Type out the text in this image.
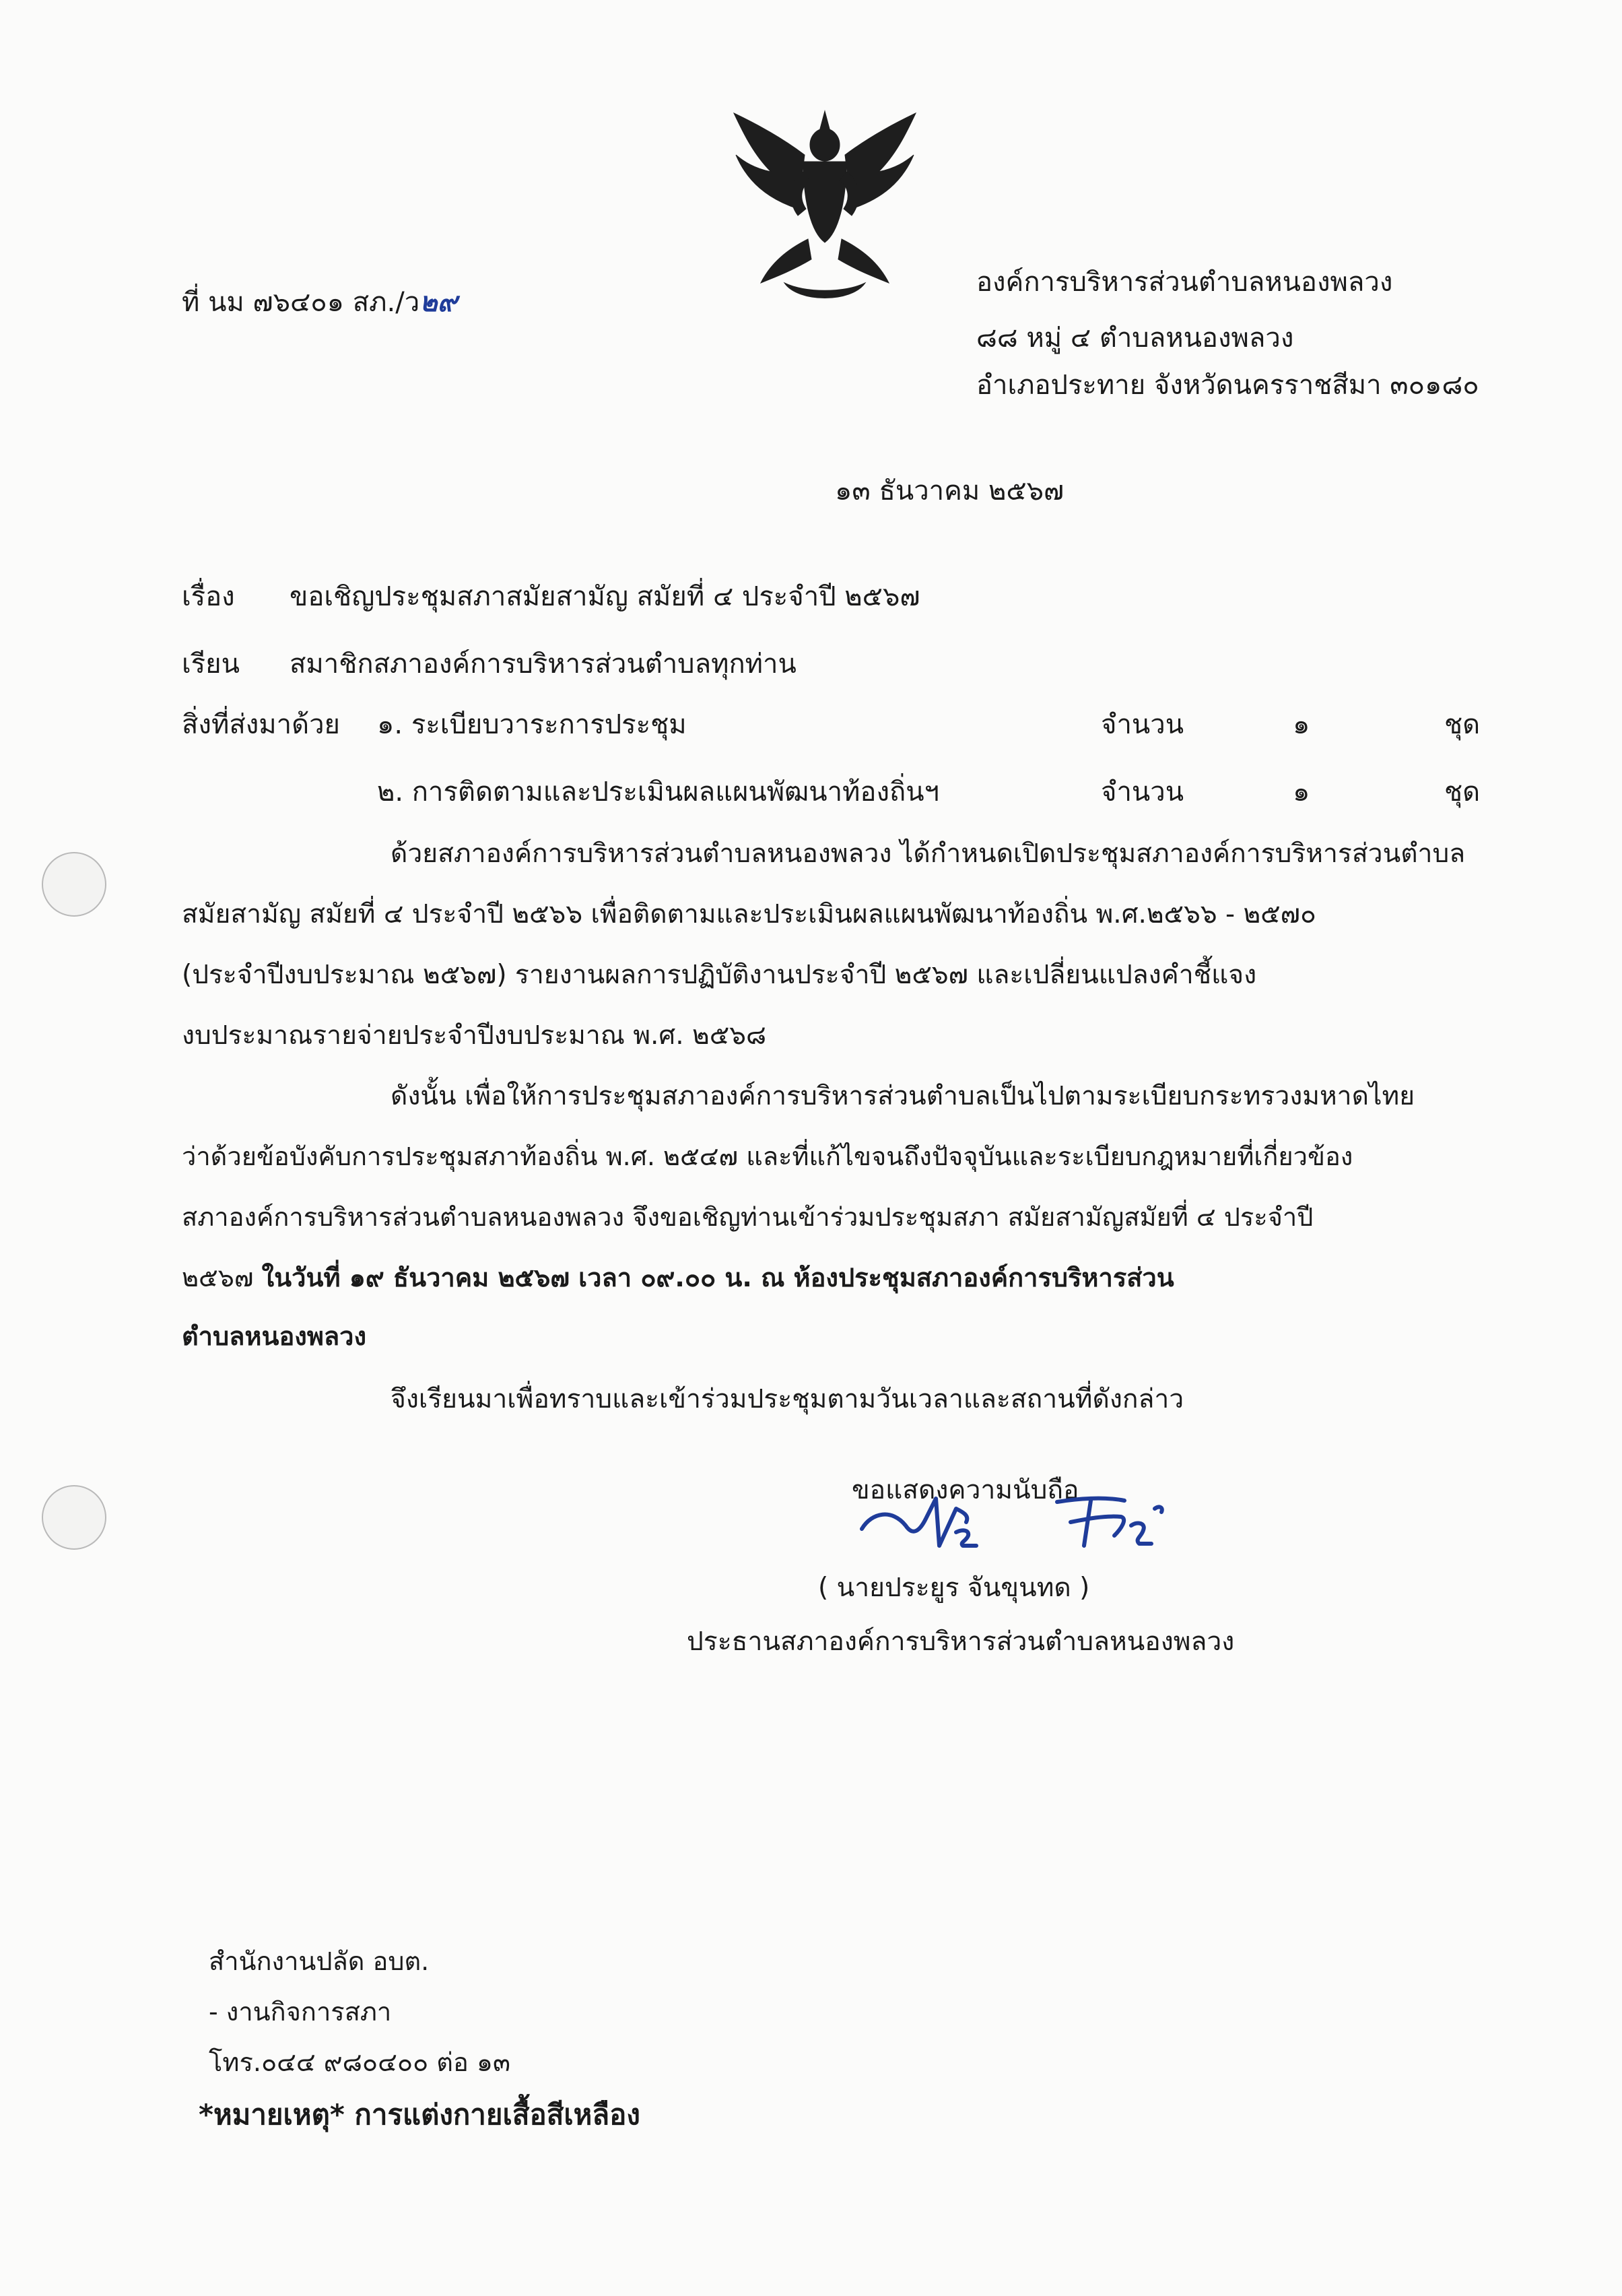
ที่ นม ๗๖๔๐๑ สภ./ว๒๙
องค์การบริหารส่วนตำบลหนองพลวง
๘๘ หมู่ ๔ ตำบลหนองพลวง
อำเภอประทาย จังหวัดนครราชสีมา ๓๐๑๘๐
๑๓ ธันวาคม ๒๕๖๗
เรื่อง ขอเชิญประชุมสภาสมัยสามัญ สมัยที่ ๔ ประจำปี ๒๕๖๗
เรียน สมาชิกสภาองค์การบริหารส่วนตำบลทุกท่าน
สิ่งที่ส่งมาด้วย ๑. ระเบียบวาระการประชุม	จำนวน	๑	ชุด
๒. การติดตามและประเมินผลแผนพัฒนาท้องถิ่นฯ	จำนวน	๑	ชุด
ด้วยสภาองค์การบริหารส่วนตำบลหนองพลวง ได้กำหนดเปิดประชุมสภาองค์การบริหารส่วนตำบล
สมัยสามัญ สมัยที่ ๔ ประจำปี ๒๕๖๖ เพื่อติดตามและประเมินผลแผนพัฒนาท้องถิ่น พ.ศ.๒๕๖๖ - ๒๕๗๐
(ประจำปีงบประมาณ ๒๕๖๗) รายงานผลการปฏิบัติงานประจำปี ๒๕๖๗ และเปลี่ยนแปลงคำชี้แจง
งบประมาณรายจ่ายประจำปีงบประมาณ พ.ศ. ๒๕๖๘
ดังนั้น เพื่อให้การประชุมสภาองค์การบริหารส่วนตำบลเป็นไปตามระเบียบกระทรวงมหาดไทย
ว่าด้วยข้อบังคับการประชุมสภาท้องถิ่น พ.ศ. ๒๕๔๗ และที่แก้ไขจนถึงปัจจุบันและระเบียบกฎหมายที่เกี่ยวข้อง
สภาองค์การบริหารส่วนตำบลหนองพลวง จึงขอเชิญท่านเข้าร่วมประชุมสภา สมัยสามัญสมัยที่ ๔ ประจำปี
๒๕๖๗ ในวันที่ ๑๙ ธันวาคม ๒๕๖๗ เวลา ๐๙.๐๐ น. ณ ห้องประชุมสภาองค์การบริหารส่วน
ตำบลหนองพลวง
จึงเรียนมาเพื่อทราบและเข้าร่วมประชุมตามวันเวลาและสถานที่ดังกล่าว
ขอแสดงความนับถือ
( นายประยูร จันขุนทด )
ประธานสภาองค์การบริหารส่วนตำบลหนองพลวง
สำนักงานปลัด อบต.
- งานกิจการสภา
โทร.๐๔๔ ๙๘๐๔๐๐ ต่อ ๑๓
*หมายเหตุ* การแต่งกายเสื้อสีเหลือง
